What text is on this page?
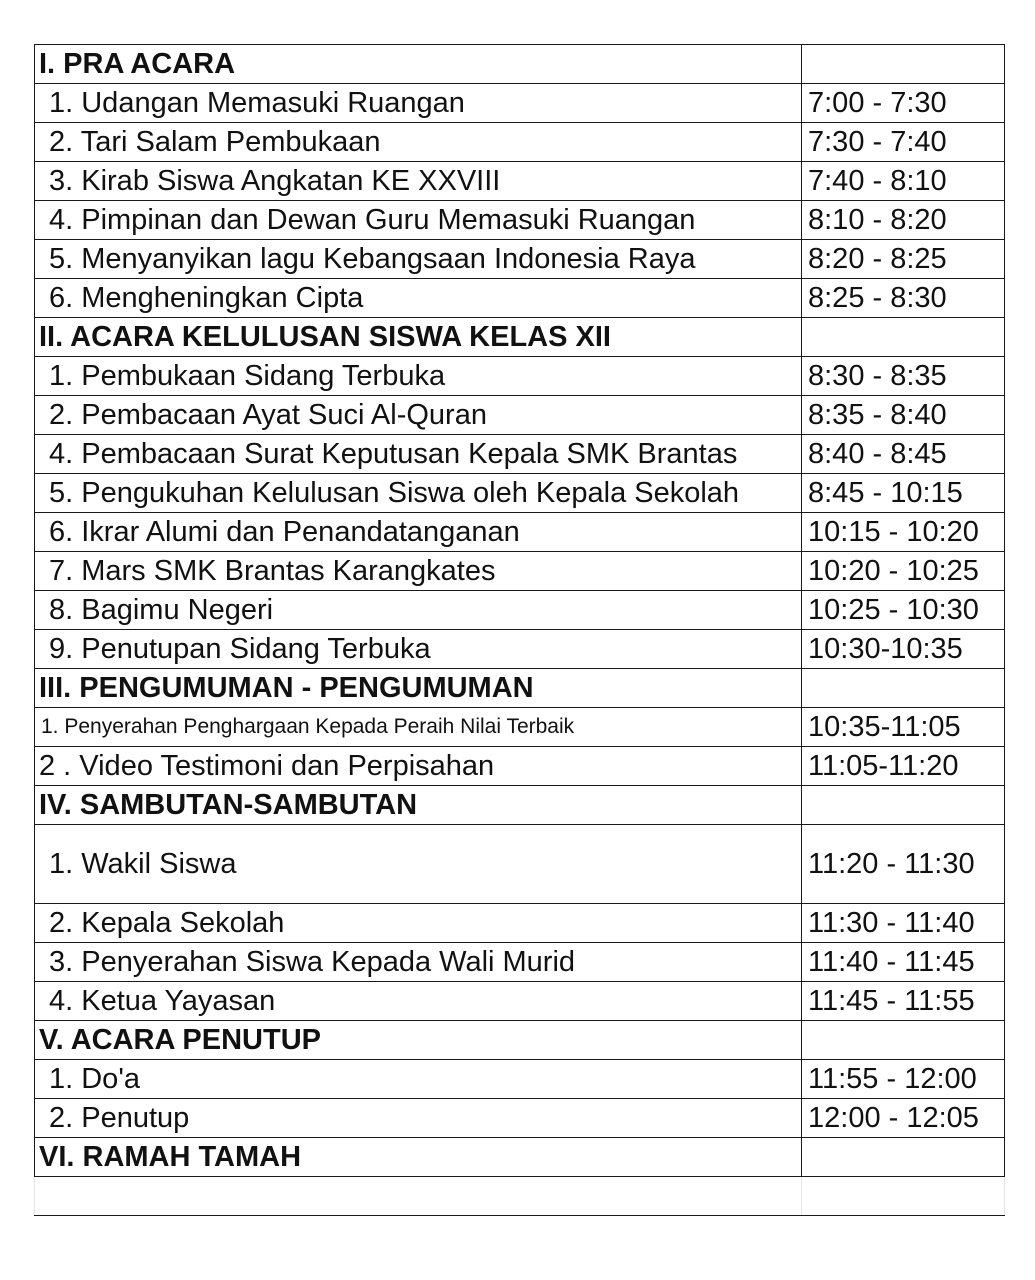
I. PRA ACARA	
1. Udangan Memasuki Ruangan	7:00 - 7:30
2. Tari Salam Pembukaan	7:30 - 7:40
3. Kirab Siswa Angkatan KE XXVIII	7:40 - 8:10
4. Pimpinan dan Dewan Guru Memasuki Ruangan	8:10 - 8:20
5. Menyanyikan lagu Kebangsaan Indonesia Raya	8:20 - 8:25
6. Mengheningkan Cipta	8:25 - 8:30
II. ACARA KELULUSAN SISWA KELAS XII	
1. Pembukaan Sidang Terbuka	8:30 - 8:35
2. Pembacaan Ayat Suci Al-Quran	8:35 - 8:40
4. Pembacaan Surat Keputusan Kepala SMK Brantas	8:40 - 8:45
5. Pengukuhan Kelulusan Siswa oleh Kepala Sekolah	8:45 - 10:15
6. Ikrar Alumi dan Penandatanganan	10:15 - 10:20
7. Mars SMK Brantas Karangkates	10:20 - 10:25
8. Bagimu Negeri	10:25 - 10:30
9. Penutupan Sidang Terbuka	10:30-10:35
III. PENGUMUMAN - PENGUMUMAN	
1. Penyerahan Penghargaan Kepada Peraih Nilai Terbaik	10:35-11:05
2 . Video Testimoni dan Perpisahan	11:05-11:20
IV. SAMBUTAN-SAMBUTAN	
1. Wakil Siswa	11:20 - 11:30
2. Kepala Sekolah	11:30 - 11:40
3. Penyerahan Siswa Kepada Wali Murid	11:40 - 11:45
4. Ketua Yayasan	11:45 - 11:55
V. ACARA PENUTUP	
1. Do'a	11:55 - 12:00
2. Penutup	12:00 - 12:05
VI. RAMAH TAMAH	
